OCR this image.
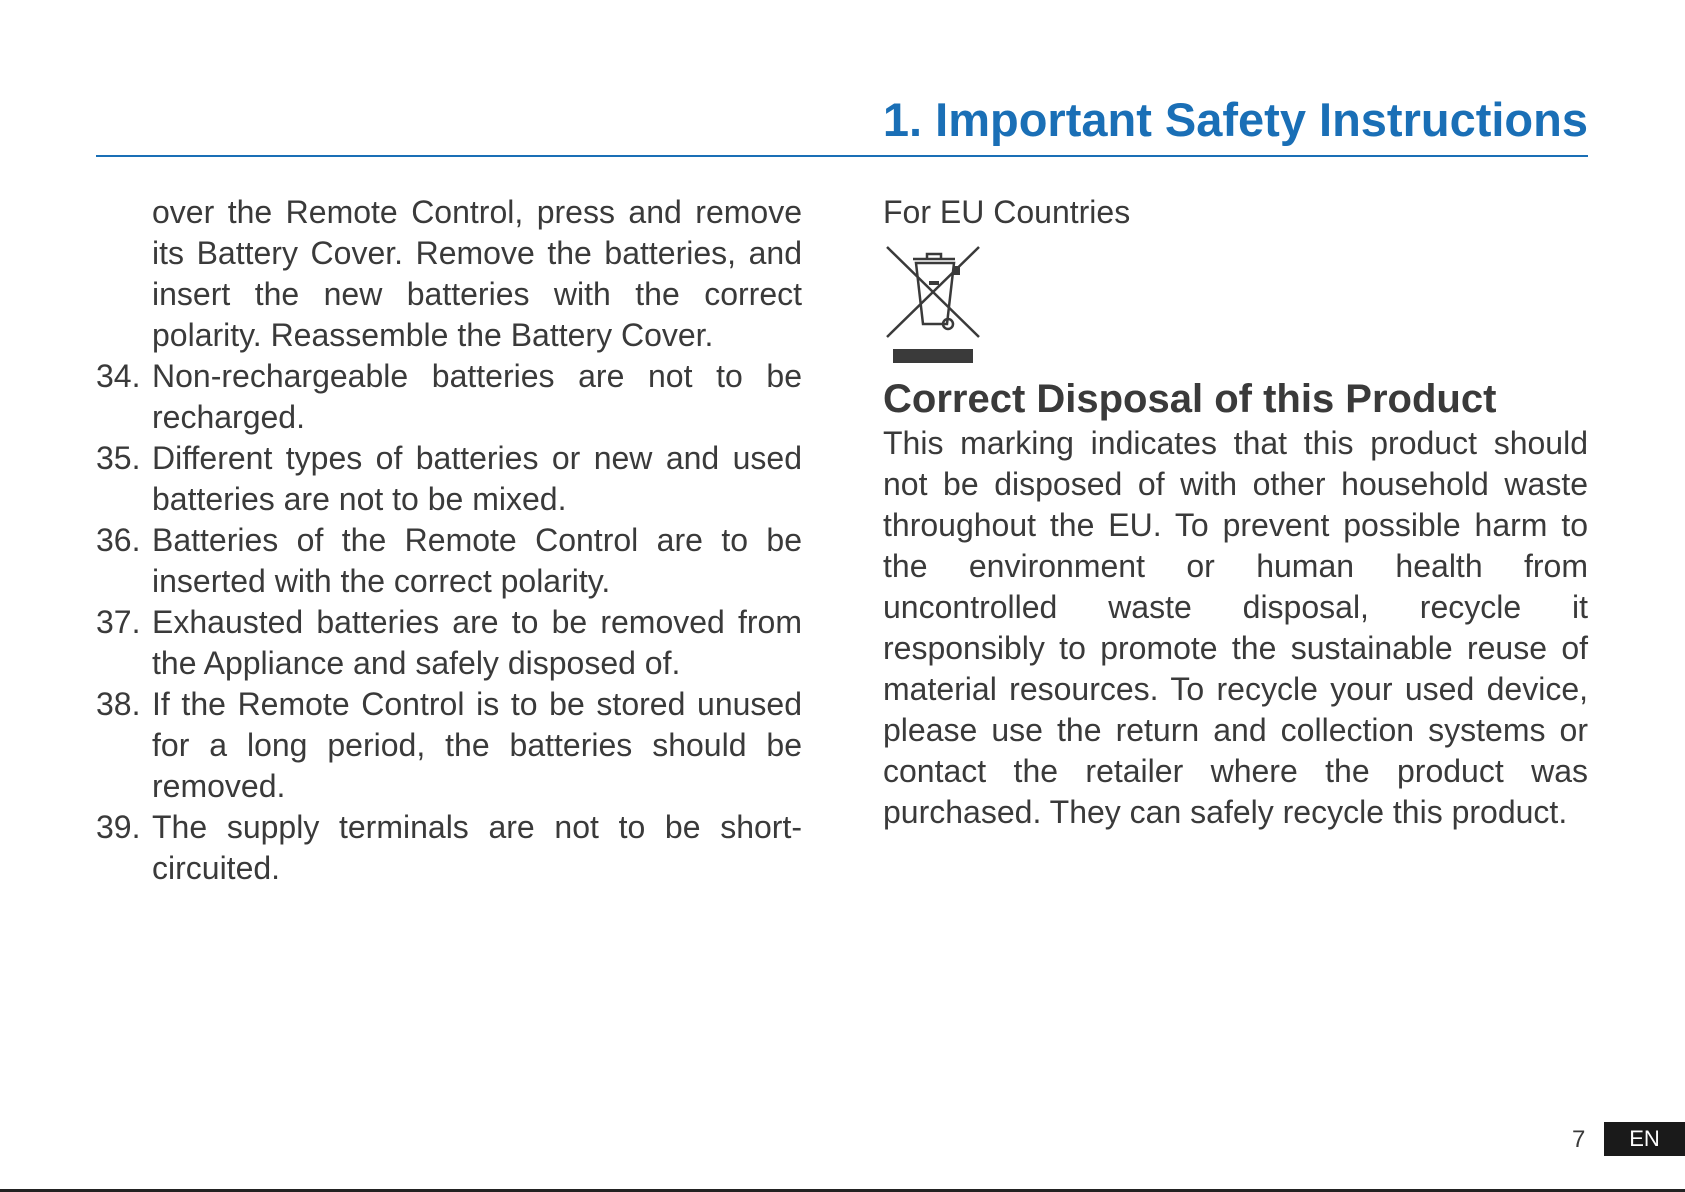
1. Important Safety Instructions
over the Remote Control, press and remove its Battery Cover. Remove the batteries, and insert the new batteries with the correct polarity. Reassemble the Battery Cover.
34. Non-rechargeable batteries are not to be recharged.
35. Different types of batteries or new and used batteries are not to be mixed.
36. Batteries of the Remote Control are to be inserted with the correct polarity.
37. Exhausted batteries are to be removed from the Appliance and safely disposed of.
38. If the Remote Control is to be stored unused for a long period, the batteries should be removed.
39. The supply terminals are not to be short-circuited.
For EU Countries
Correct Disposal of this Product

This marking indicates that this product should not be disposed of with other household waste throughout the EU. To prevent possible harm to the environment or human health from uncontrolled waste disposal, recycle it responsibly to promote the sustainable reuse of material resources. To recycle your used device, please use the return and collection systems or contact the retailer where the product was purchased. They can safely recycle this product.

7	EN
